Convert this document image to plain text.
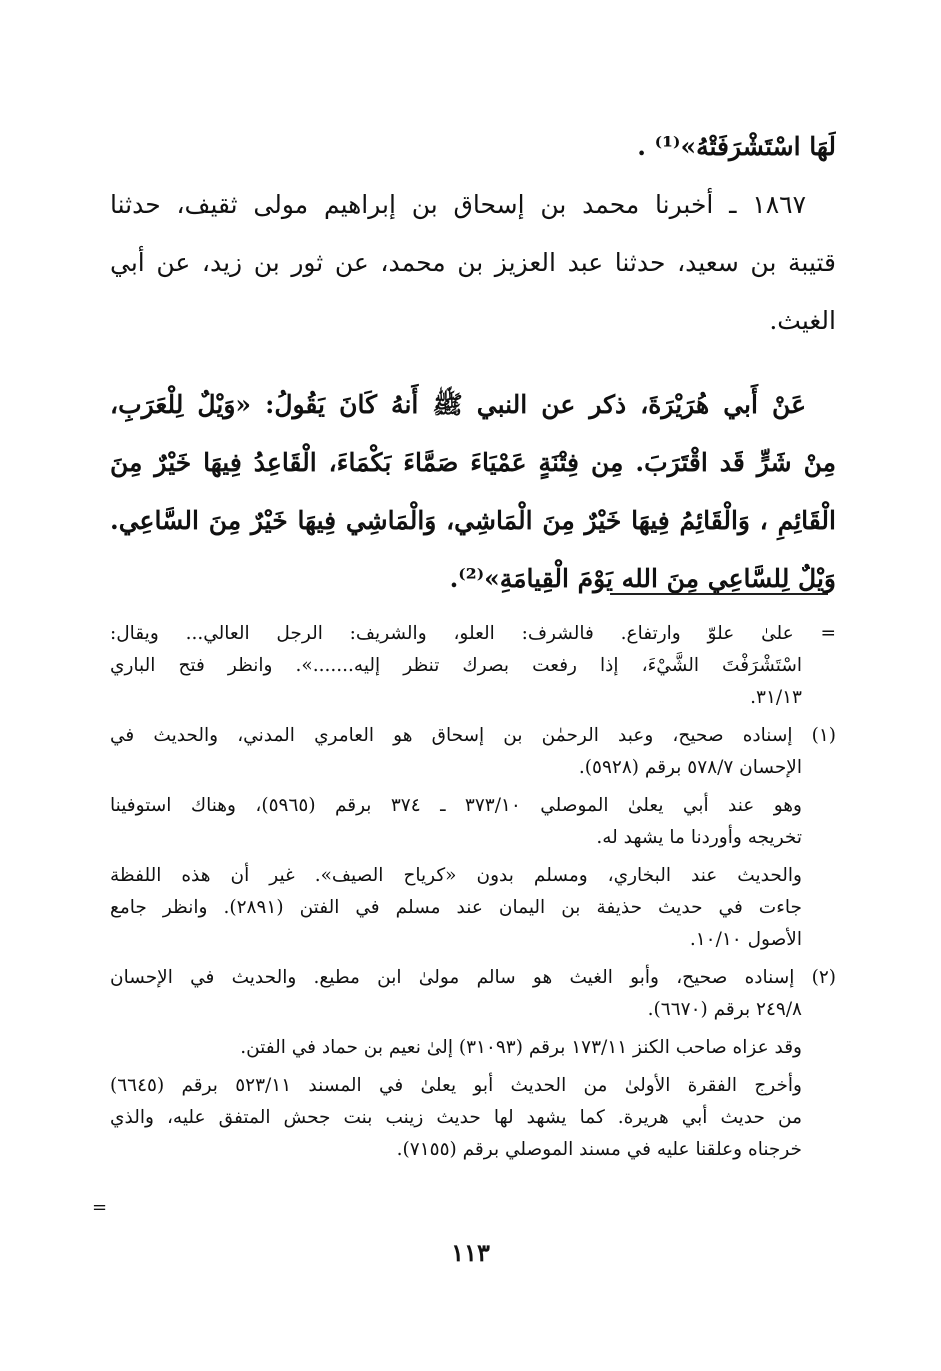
لَهَا اسْتَشْرَفَتْهُ»⁽¹⁾ .
١٨٦٧ ـ أخبرنا محمد بن إسحاق بن إبراهيم مولى ثقيف، حدثنا
قتيبة بن سعيد، حدثنا عبد العزيز بن محمد، عن ثور بن زيد، عن أبي
الغيث.
عَنْ أَبي هُرَيْرَةَ، ذكر عن النبي ﷺ أَنهُ كَانَ يَقُولُ: «وَيْلٌ لِلْعَرَبِ،
مِنْ شَرٍّ قَد اقْتَرَبَ. مِن فِتْنَةٍ عَمْيَاءَ صَمَّاءَ بَكْمَاءَ، الْقَاعِدُ فِيهَا خَيْرٌ مِنَ
الْقَائِمِ ، وَالْقَائِمُ فِيهَا خَيْرٌ مِنَ الْمَاشِي، وَالْمَاشِي فِيهَا خَيْرٌ مِنَ السَّاعِي.
وَيْلٌ لِلسَّاعِي مِنَ الله يَوْمَ الْقِيامَةِ»⁽²⁾.
= علىٰ علوّ وارتفاع. فالشرف: العلو، والشريف: الرجل العالي... ويقال:
اسْتَشْرَفْتَ الشَّيْءَ، إذا رفعت بصرك تنظر إليه.......». وانظر فتح الباري
٣١/١٣.
(١) إسناده صحيح، وعبد الرحمٰن بن إسحاق هو العامري المدني، والحديث في
الإحسان ٥٧٨/٧ برقم (٥٩٢٨).
وهو عند أبي يعلىٰ الموصلي ٣٧٣/١٠ ـ ٣٧٤ برقم (٥٩٦٥)، وهناك استوفينا
تخريجه وأوردنا ما يشهد له.
والحديث عند البخاري، ومسلم بدون «كرياح الصيف». غير أن هذه اللفظة
جاءت في حديث حذيفة بن اليمان عند مسلم في الفتن (٢٨٩١). وانظر جامع
الأصول ١٠/١٠.
(٢) إسناده صحيح، وأبو الغيث هو سالم مولىٰ ابن مطيع. والحديث في الإحسان
٢٤٩/٨ برقم (٦٦٧٠).
وقد عزاه صاحب الكنز ١٧٣/١١ برقم (٣١٠٩٣) إلىٰ نعيم بن حماد في الفتن.
وأخرج الفقرة الأولىٰ من الحديث أبو يعلىٰ في المسند ٥٢٣/١١ برقم (٦٦٤٥)
من حديث أبي هريرة. كما يشهد لها حديث زينب بنت جحش المتفق عليه، والذي
خرجناه وعلقنا عليه في مسند الموصلي برقم (٧١٥٥).
=
١١٣
